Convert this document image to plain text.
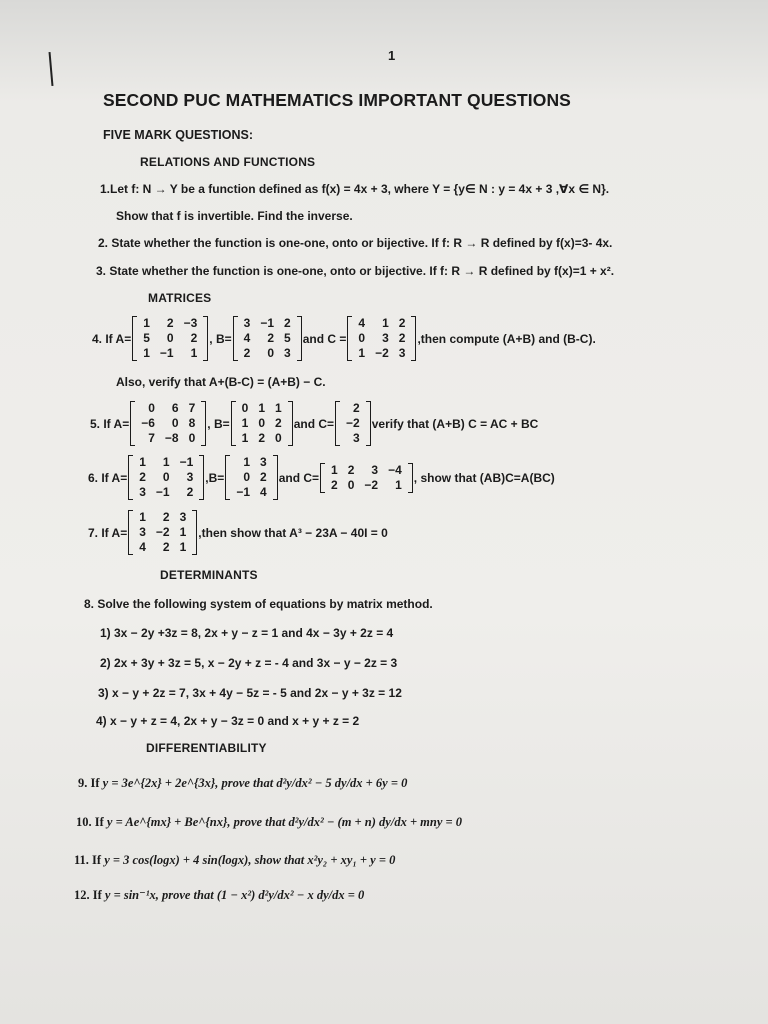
1
SECOND PUC MATHEMATICS IMPORTANT QUESTIONS
FIVE MARK QUESTIONS:
RELATIONS AND FUNCTIONS
1.Let f: N → Y be a function defined as f(x) = 4x + 3, where Y = {y∈ N : y = 4x + 3 ,∀x ∈ N}.
Show that f is invertible. Find the inverse.
2. State whether the function is one-one, onto or bijective. If f: R → R defined by f(x)=3- 4x.
3. State whether the function is one-one, onto or bijective. If f: R → R defined by f(x)=1 + x².
MATRICES
4. If A=
1	2	−3
5	0	2
1	−1	1
, B=
3	−1	2
4	2	5
2	0	3
and C =
4	1	2
0	3	2
1	−2	3
,then compute (A+B) and (B-C).
Also, verify that A+(B-C) = (A+B) − C.
5. If A=
0	6	7
−6	0	8
7	−8	0
, B=
0	1	1
1	0	2
1	2	0
and C=
2
−2
3
verify that (A+B) C = AC + BC
6. If A=
1	1	−1
2	0	3
3	−1	2
,B=
1	3
0	2
−1	4
and C=
1	2	3	−4
2	0	−2	1 , show that (AB)C=A(BC)
7. If A=
1	2	3
3	−2	1
4	2	1
,then show that A³ − 23A − 40I = 0
DETERMINANTS
8. Solve the following system of equations by matrix method.
1) 3x − 2y +3z = 8, 2x + y − z = 1 and 4x − 3y + 2z = 4
2) 2x + 3y + 3z = 5, x − 2y + z = - 4 and 3x − y − 2z = 3
3) x − y + 2z = 7, 3x + 4y − 5z = - 5 and 2x − y + 3z = 12
4) x − y + z = 4, 2x + y − 3z = 0 and x + y + z = 2
DIFFERENTIABILITY
9. If y = 3e^{2x} + 2e^{3x}, prove that d²y/dx² − 5 dy/dx + 6y = 0
10. If y = Ae^{mx} + Be^{nx}, prove that d²y/dx² − (m + n) dy/dx + mny = 0
11. If y = 3 cos(logx) + 4 sin(logx), show that x²y₂ + xy₁ + y = 0
12. If y = sin⁻¹x, prove that (1 − x²) d²y/dx² − x dy/dx = 0
